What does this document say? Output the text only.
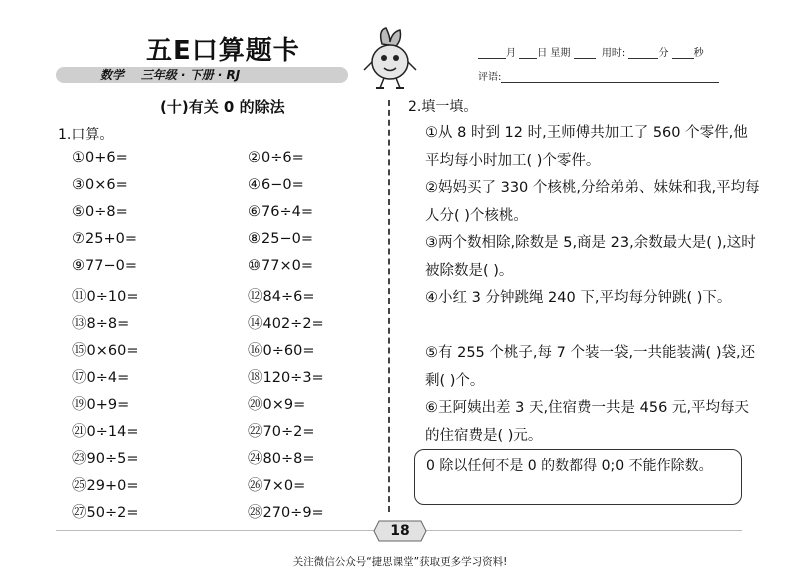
五E口算题卡
数学    三年级 · 下册 · RJ
月 日 星期	用时:	分	秒
评语:
(十)有关 0 的除法
1.口算。
①0+6=	②0÷6=
③0×6=	④6−0=
⑤0÷8=	⑥76÷4=
⑦25+0=	⑧25−0=
⑨77−0=	⑩77×0=
⑪0÷10=	⑫84÷6=
⑬8÷8=	⑭402÷2=
⑮0×60=	⑯0÷60=
⑰0÷4=	⑱120÷3=
⑲0+9=	⑳0×9=
㉑0÷14=	㉒70÷2=
㉓90÷5=	㉔80÷8=
㉕29+0=	㉖7×0=
㉗50÷2=	㉘270÷9=
2.填一填。
①从 8 时到 12 时,王师傅共加工了 560 个零件,他平均每小时加工( )个零件。
②妈妈买了 330 个核桃,分给弟弟、妹妹和我,平均每人分( )个核桃。
③两个数相除,除数是 5,商是 23,余数最大是( ),这时被除数是( )。
④小红 3 分钟跳绳 240 下,平均每分钟跳( )下。
⑤有 255 个桃子,每 7 个装一袋,一共能装满( )袋,还剩( )个。
⑥王阿姨出差 3 天,住宿费一共是 456 元,平均每天的住宿费是( )元。
0 除以任何不是 0 的数都得 0;0 不能作除数。
18
关注微信公众号“捷思课堂”获取更多学习资料!
